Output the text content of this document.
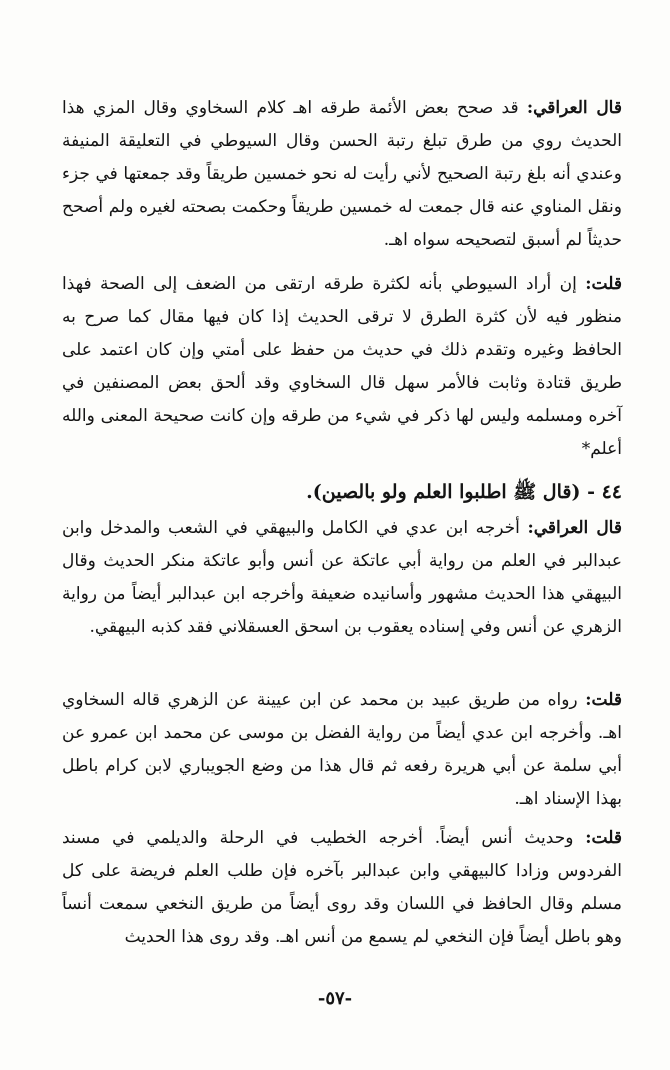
قال العراقي: قد صحح بعض الأئمة طرقه اهـ كلام السخاوي وقال المزي هذا الحديث روي من طرق تبلغ رتبة الحسن وقال السيوطي في التعليقة المنيفة وعندي أنه بلغ رتبة الصحيح لأني رأيت له نحو خمسين طريقاً وقد جمعتها في جزء ونقل المناوي عنه قال جمعت له خمسين طريقاً وحكمت بصحته لغيره ولم أصحح حديثاً لم أسبق لتصحيحه سواه اهـ.

قلت: إن أراد السيوطي بأنه لكثرة طرقه ارتقى من الضعف إلى الصحة فهذا منظور فيه لأن كثرة الطرق لا ترقى الحديث إذا كان فيها مقال كما صرح به الحافظ وغيره وتقدم ذلك في حديث من حفظ على أمتي وإن كان اعتمد على طريق قتادة وثابت فالأمر سهل قال السخاوي وقد ألحق بعض المصنفين في آخره ومسلمه وليس لها ذكر في شيء من طرقه وإن كانت صحيحة المعنى والله أعلم*

٤٤ - (قال ﷺ اطلبوا العلم ولو بالصين).

قال العراقي: أخرجه ابن عدي في الكامل والبيهقي في الشعب والمدخل وابن عبدالبر في العلم من رواية أبي عاتكة عن أنس وأبو عاتكة منكر الحديث وقال البيهقي هذا الحديث مشهور وأسانيده ضعيفة وأخرجه ابن عبدالبر أيضاً من رواية الزهري عن أنس وفي إسناده يعقوب بن اسحق العسقلاني فقد كذبه البيهقي.

قلت: رواه من طريق عبيد بن محمد عن ابن عيينة عن الزهري قاله السخاوي اهـ. وأخرجه ابن عدي أيضاً من رواية الفضل بن موسى عن محمد ابن عمرو عن أبي سلمة عن أبي هريرة رفعه ثم قال هذا من وضع الجويباري لابن كرام باطل بهذا الإسناد اهـ.

قلت: وحديث أنس أيضاً. أخرجه الخطيب في الرحلة والديلمي في مسند الفردوس وزادا كالبيهقي وابن عبدالبر بآخره فإن طلب العلم فريضة على كل مسلم وقال الحافظ في اللسان وقد روى أيضاً من طريق النخعي سمعت أنساً وهو باطل أيضاً فإن النخعي لم يسمع من أنس اهـ. وقد روى هذا الحديث

-٥٧-
